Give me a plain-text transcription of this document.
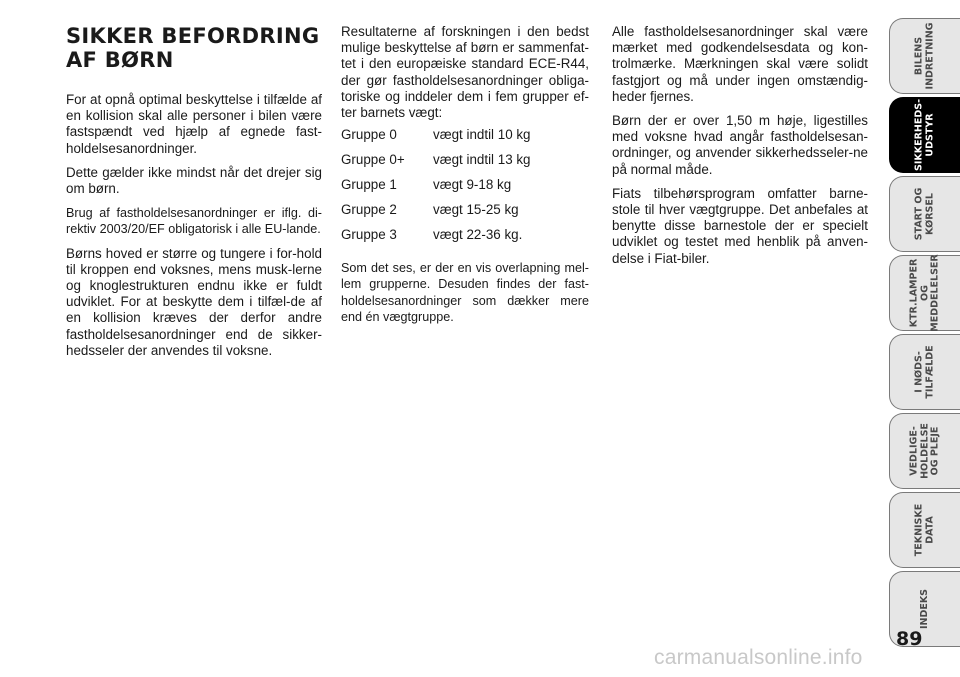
SIKKER BEFORDRING
AF BØRN

For at opnå optimal beskyttelse i tilfælde af en kollision skal alle personer i bilen være fastspændt ved hjælp af egnede fast-holdelsesanordninger.

Dette gælder ikke mindst når det drejer sig om børn.

Brug af fastholdelsesanordninger er iflg. di-rektiv 2003/20/EF obligatorisk i alle EU-lande.

Børns hoved er større og tungere i for-hold til kroppen end voksnes, mens musk-lerne og knoglestrukturen endnu ikke er fuldt udviklet. For at beskytte dem i tilfæl-de af en kollision kræves der derfor andre fastholdelsesanordninger end de sikker-hedsseler der anvendes til voksne.

Resultaterne af forskningen i den bedst mulige beskyttelse af børn er sammenfat-tet i den europæiske standard ECE-R44, der gør fastholdelsesanordninger obliga-toriske og inddeler dem i fem grupper ef-ter barnets vægt:

Gruppe 0	vægt indtil 10 kg
Gruppe 0+	vægt indtil 13 kg
Gruppe 1	vægt 9-18 kg
Gruppe 2	vægt 15-25 kg
Gruppe 3	vægt 22-36 kg.

Som det ses, er der en vis overlapning mel-lem grupperne. Desuden findes der fast-holdelsesanordninger som dækker mere end én vægtgruppe.

Alle fastholdelsesanordninger skal være mærket med godkendelsesdata og kon-trolmærke. Mærkningen skal være solidt fastgjort og må under ingen omstændig-heder fjernes.

Børn der er over 1,50 m høje, ligestilles med voksne hvad angår fastholdelsesan-ordninger, og anvender sikkerhedsseler-ne på normal måde.

Fiats tilbehørsprogram omfatter barne-stole til hver vægtgruppe. Det anbefales at benytte disse barnestole der er specielt udviklet og testet med henblik på anven-delse i Fiat-biler.

BILENS
INDRETNING
SIKKERHEDS-
UDSTYR
START OG
KØRSEL
KTR.LAMPER
OG
MEDDELELSER
I NØDS-
TILFÆLDE
VEDLIGE-
HOLDELSE
OG PLEJE
TEKNISKE
DATA
INDEKS
89
carmanualsonline.info
